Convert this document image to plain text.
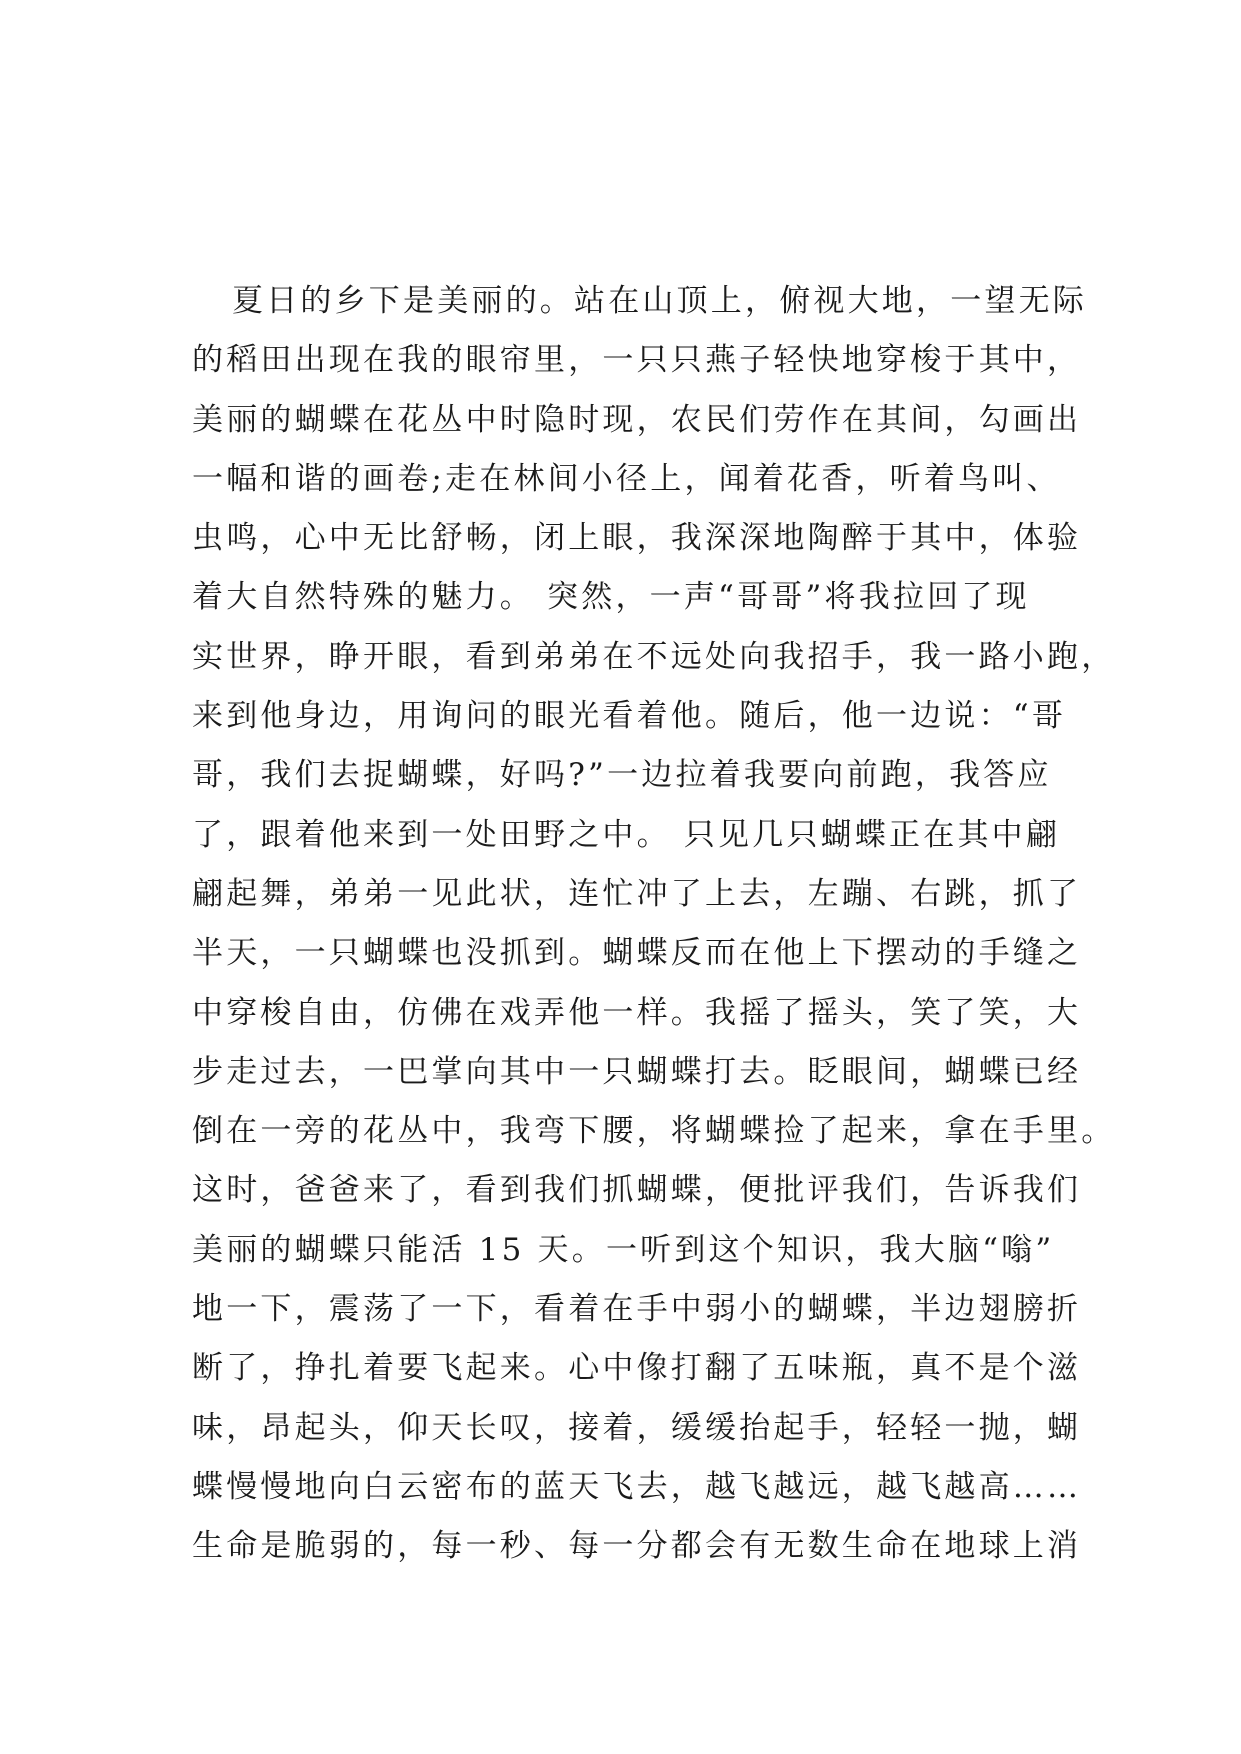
夏日的乡下是美丽的。站在山顶上，俯视大地，一望无际
的稻田出现在我的眼帘里，一只只燕子轻快地穿梭于其中，
美丽的蝴蝶在花丛中时隐时现，农民们劳作在其间，勾画出
一幅和谐的画卷;走在林间小径上，闻着花香，听着鸟叫、
虫鸣，心中无比舒畅，闭上眼，我深深地陶醉于其中，体验
着大自然特殊的魅力。 突然，一声“哥哥”将我拉回了现
实世界，睁开眼，看到弟弟在不远处向我招手，我一路小跑，
来到他身边，用询问的眼光看着他。随后，他一边说：“哥
哥，我们去捉蝴蝶，好吗?”一边拉着我要向前跑，我答应
了，跟着他来到一处田野之中。 只见几只蝴蝶正在其中翩
翩起舞，弟弟一见此状，连忙冲了上去，左蹦、右跳，抓了
半天，一只蝴蝶也没抓到。蝴蝶反而在他上下摆动的手缝之
中穿梭自由，仿佛在戏弄他一样。我摇了摇头，笑了笑，大
步走过去，一巴掌向其中一只蝴蝶打去。眨眼间，蝴蝶已经
倒在一旁的花丛中，我弯下腰，将蝴蝶捡了起来，拿在手里。
这时，爸爸来了，看到我们抓蝴蝶，便批评我们，告诉我们
美丽的蝴蝶只能活 15 天。一听到这个知识，我大脑“嗡”
地一下，震荡了一下，看着在手中弱小的蝴蝶，半边翅膀折
断了，挣扎着要飞起来。心中像打翻了五味瓶，真不是个滋
味，昂起头，仰天长叹，接着，缓缓抬起手，轻轻一抛，蝴
蝶慢慢地向白云密布的蓝天飞去，越飞越远，越飞越高……
生命是脆弱的，每一秒、每一分都会有无数生命在地球上消
